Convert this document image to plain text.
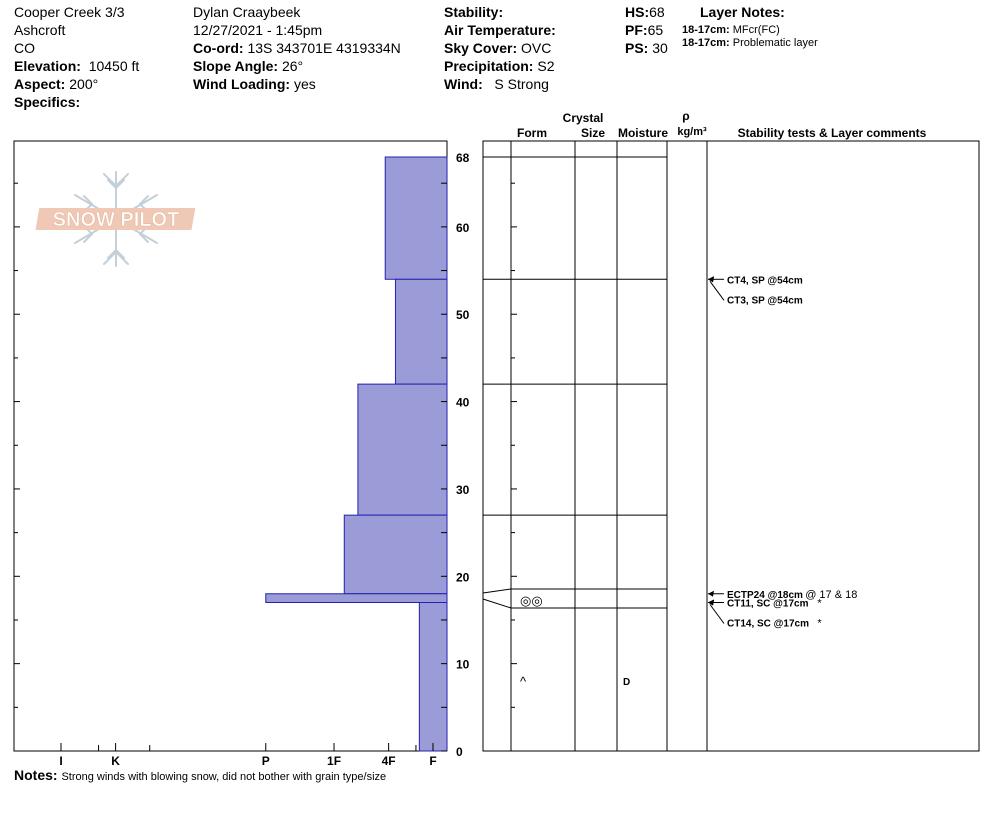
Cooper Creek 3/3
Ashcroft
CO
Elevation: 10450 ft
Aspect: 200°
Specifics:
Dylan Craaybeek
12/27/2021 - 1:45pm
Co-ord: 13S 343701E 4319334N
Slope Angle: 26°
Wind Loading: yes
Stability:
Air Temperature:
Sky Cover: OVC
Precipitation: S2
Wind: S Strong
HS:68
PF:65
PS: 30
Layer Notes:
18-17cm: MFcr(FC)
18-17cm: Problematic layer
Notes: Strong winds with blowing snow, did not bother with grain type/size
SNOW PILOT
I	K	P	1F	4F	F
0
10
20
30
40
50
60
68
◎◎
^	D
CT4, SP @54cm
CT3, SP @54cm
ECTP24 @18cm @ 17 & 18
CT11, SC @17cm *
CT14, SC @17cm *
Crystal
Form	Size Moisture
ρ
kg/m³	Stability tests & Layer comments
